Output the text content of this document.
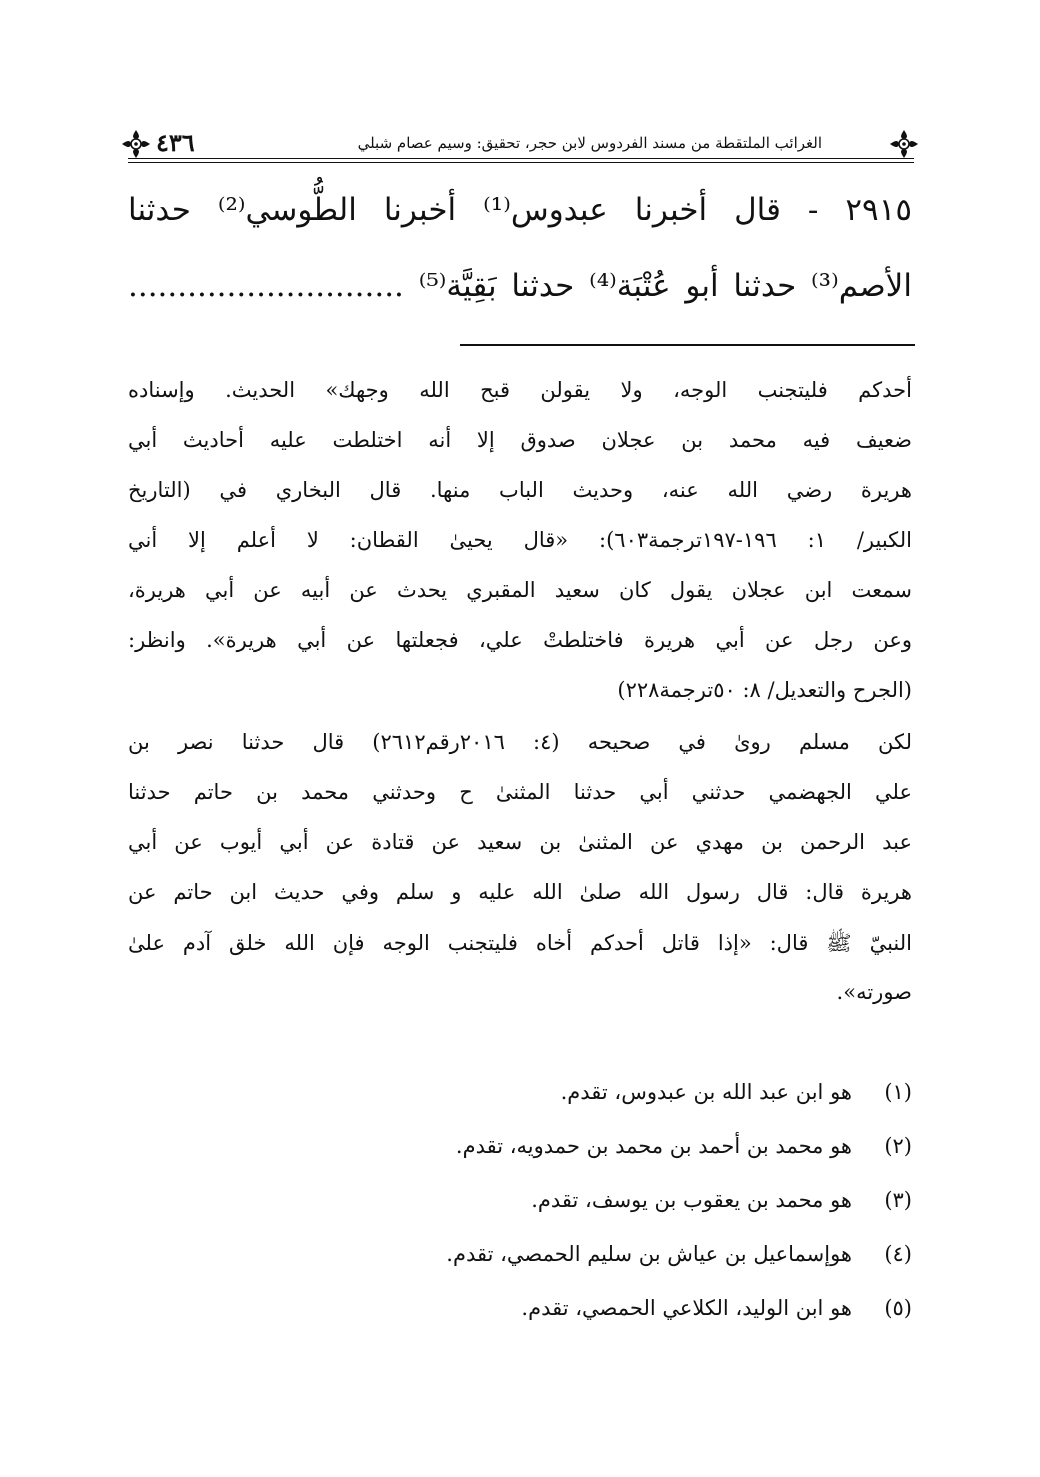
الغرائب الملتقطة من مسند الفردوس لابن حجر، تحقيق: وسيم عصام شبلي
٤٣٦
٢٩١٥ - قال أخبرنا عبدوس⁽¹⁾ أخبرنا الطُّوسي⁽²⁾ حدثنا
الأصم⁽³⁾ حدثنا أبو عُتْبَة⁽⁴⁾ حدثنا بَقِيَّة⁽⁵⁾ ............................
أحدكم فليتجنب الوجه، ولا يقولن قبح الله وجهك» الحديث. وإسناده
ضعيف فيه محمد بن عجلان صدوق إلا أنه اختلطت عليه أحاديث أبي
هريرة رضي الله عنه، وحديث الباب منها. قال البخاري في (التاريخ
الكبير/ ١: ١٩٦-١٩٧ترجمة٦٠٣): «قال يحيىٰ القطان: لا أعلم إلا أني
سمعت ابن عجلان يقول كان سعيد المقبري يحدث عن أبيه عن أبي هريرة،
وعن رجل عن أبي هريرة فاختلطتْ علي، فجعلتها عن أبي هريرة». وانظر:
(الجرح والتعديل/ ٨: ٥٠ترجمة٢٢٨)
لكن مسلم روىٰ في صحيحه (٤: ٢٠١٦رقم٢٦١٢) قال حدثنا نصر بن
علي الجهضمي حدثني أبي حدثنا المثنىٰ ح وحدثني محمد بن حاتم حدثنا
عبد الرحمن بن مهدي عن المثنىٰ بن سعيد عن قتادة عن أبي أيوب عن أبي
هريرة قال: قال رسول الله صلىٰ الله عليه و سلم وفي حديث ابن حاتم عن
النبيّ ﷺ قال: «إذا قاتل أحدكم أخاه فليتجنب الوجه فإن الله خلق آدم علىٰ
صورته».
(١)هو ابن عبد الله بن عبدوس، تقدم.
(٢)هو محمد بن أحمد بن محمد بن حمدويه، تقدم.
(٣)هو محمد بن يعقوب بن يوسف، تقدم.
(٤)هوإسماعيل بن عياش بن سليم الحمصي، تقدم.
(٥)هو ابن الوليد، الكلاعي الحمصي، تقدم.
